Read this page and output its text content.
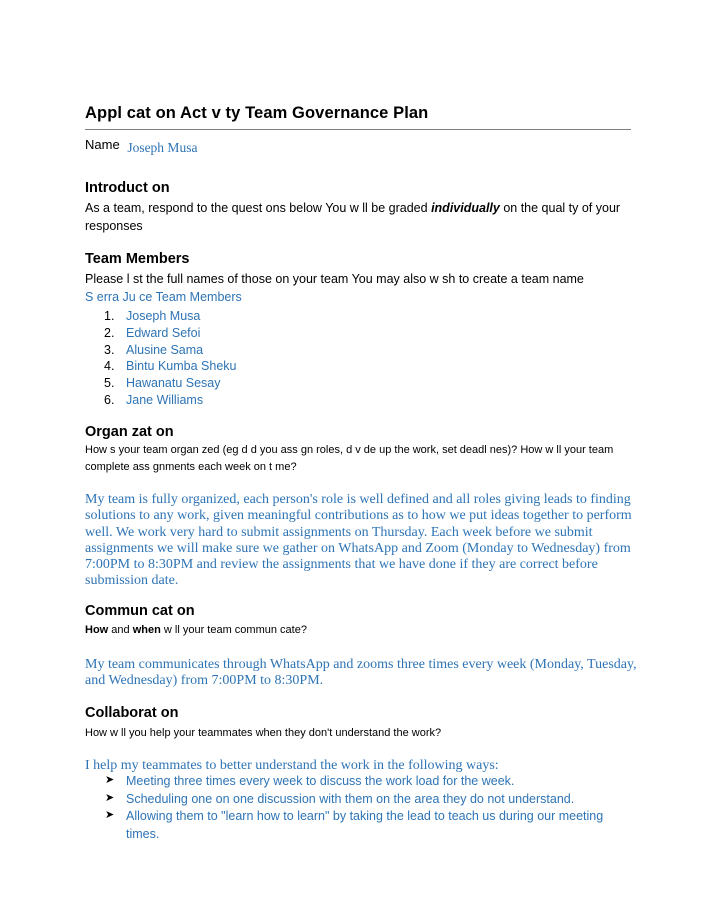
Appl cat on Act v ty Team Governance Plan
Name Joseph Musa
Introduct on
As a team, respond to the quest ons below You w ll be graded individually on the qual ty of your responses
Team Members
Please l st the full names of those on your team You may also w sh to create a team name
S erra Ju ce Team Members
1. Joseph Musa
2. Edward Sefoi
3. Alusine Sama
4. Bintu Kumba Sheku
5. Hawanatu Sesay
6. Jane Williams
Organ zat on
How s your team organ zed (eg d d you ass gn roles, d v de up the work, set deadl nes)? How w ll your team complete ass gnments each week on t me?
My team is fully organized, each person's role is well defined and all roles giving leads to finding solutions to any work, given meaningful contributions as to how we put ideas together to perform well. We work very hard to submit assignments on Thursday. Each week before we submit assignments we will make sure we gather on WhatsApp and Zoom (Monday to Wednesday) from 7:00PM to 8:30PM and review the assignments that we have done if they are correct before submission date.
Commun cat on
How and when w ll your team commun cate?
My team communicates through WhatsApp and zooms three times every week (Monday, Tuesday, and Wednesday) from 7:00PM to 8:30PM.
Collaborat on
How w ll you help your teammates when they don't understand the work?
I help my teammates to better understand the work in the following ways:
➤ Meeting three times every week to discuss the work load for the week.
➤ Scheduling one on one discussion with them on the area they do not understand.
➤ Allowing them to "learn how to learn" by taking the lead to teach us during our meeting times.
